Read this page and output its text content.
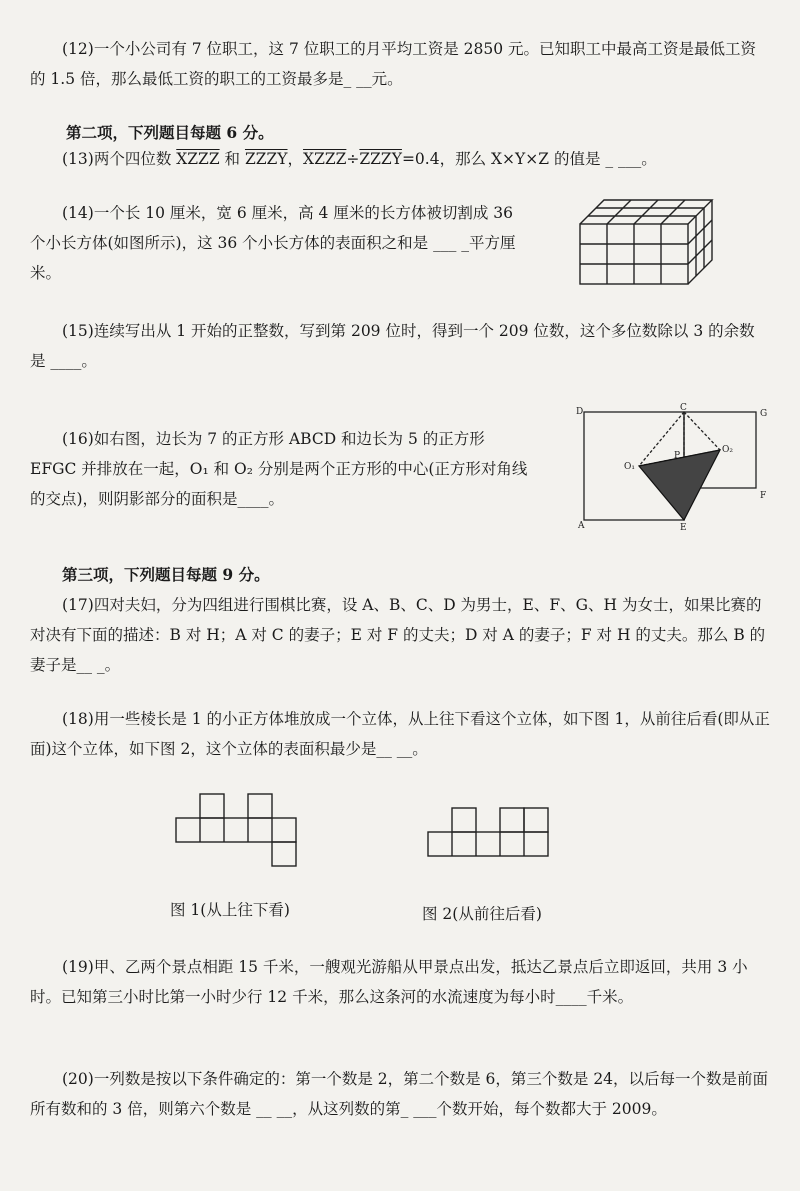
(12)一个小公司有 7 位职工，这 7 位职工的月平均工资是 2850 元。已知职工中最高工资是最低工资的 1.5 倍，那么最低工资的职工的工资最多是_ __元。
第二项，下列题目每题 6 分。
(13)两个四位数 XZZZ 和 ZZZY，XZZZ÷ZZZY=0.4，那么 X×Y×Z 的值是 _ ___。
(14)一个长 10 厘米，宽 6 厘米，高 4 厘米的长方体被切割成 36 个小长方体(如图所示)，这 36 个小长方体的表面积之和是 ___ _平方厘米。
(15)连续写出从 1 开始的正整数，写到第 209 位时，得到一个 209 位数，这个多位数除以 3 的余数是 ____。
(16)如右图，边长为 7 的正方形 ABCD 和边长为 5 的正方形 EFGC 并排放在一起，O₁ 和 O₂ 分别是两个正方形的中心(正方形对角线的交点)，则阴影部分的面积是____。
D	C
G
O₁
O₂
P
F
A	E
第三项，下列题目每题 9 分。
(17)四对夫妇，分为四组进行围棋比赛，设 A、B、C、D 为男士，E、F、G、H 为女士，如果比赛的对决有下面的描述：B 对 H；A 对 C 的妻子；E 对 F 的丈夫；D 对 A 的妻子；F 对 H 的丈夫。那么 B 的妻子是__ _。
(18)用一些棱长是 1 的小正方体堆放成一个立体，从上往下看这个立体，如下图 1，从前往后看(即从正面)这个立体，如下图 2，这个立体的表面积最少是__ __。
图 1(从上往下看)	图 2(从前往后看)
(19)甲、乙两个景点相距 15 千米，一艘观光游船从甲景点出发，抵达乙景点后立即返回，共用 3 小时。已知第三小时比第一小时少行 12 千米，那么这条河的水流速度为每小时____千米。
(20)一列数是按以下条件确定的：第一个数是 2，第二个数是 6，第三个数是 24，以后每一个数是前面所有数和的 3 倍，则第六个数是 __ __，从这列数的第_ ___个数开始，每个数都大于 2009。
